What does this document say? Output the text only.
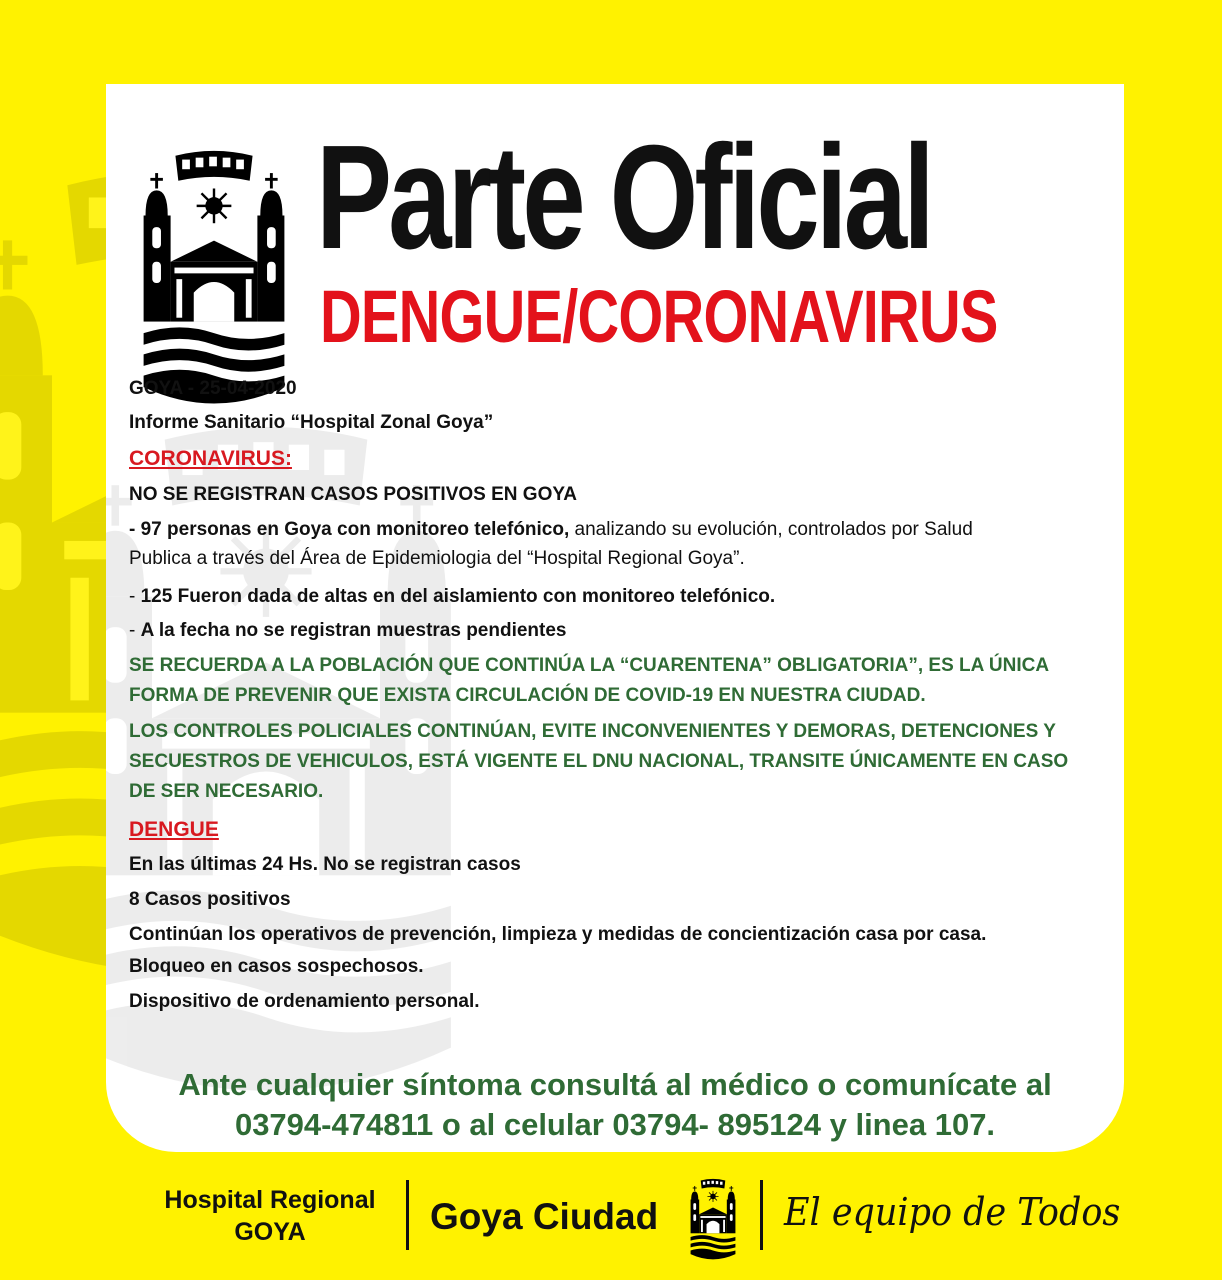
Parte Oficial
DENGUE/CORONAVIRUS
GOYA - 25-04-2020
Informe Sanitario “Hospital Zonal Goya”
CORONAVIRUS:
NO SE REGISTRAN CASOS POSITIVOS EN GOYA
- 97 personas en Goya con monitoreo telefónico, analizando su evolución, controlados por Salud
Publica a través del Área de Epidemiologia del “Hospital Regional Goya”.
- 125 Fueron dada de altas en del aislamiento con monitoreo telefónico.
- A la fecha no se registran muestras pendientes
SE RECUERDA A LA POBLACIÓN QUE CONTINÚA LA “CUARENTENA” OBLIGATORIA”, ES LA ÚNICA
FORMA DE PREVENIR QUE EXISTA CIRCULACIÓN DE COVID-19 EN NUESTRA CIUDAD.
LOS CONTROLES POLICIALES CONTINÚAN, EVITE INCONVENIENTES Y DEMORAS, DETENCIONES Y
SECUESTROS DE VEHICULOS, ESTÁ VIGENTE EL DNU NACIONAL, TRANSITE ÚNICAMENTE EN CASO
DE SER NECESARIO.
DENGUE
En las últimas 24 Hs. No se registran casos
8 Casos positivos
Continúan los operativos de prevención, limpieza y medidas de concientización casa por casa.
Bloqueo en casos sospechosos.
Dispositivo de ordenamiento personal.
Ante cualquier síntoma consultá al médico o comunícate al
03794-474811 o al celular 03794- 895124 y linea 107.
Hospital Regional
GOYA	Goya Ciudad	El equipo de Todos
